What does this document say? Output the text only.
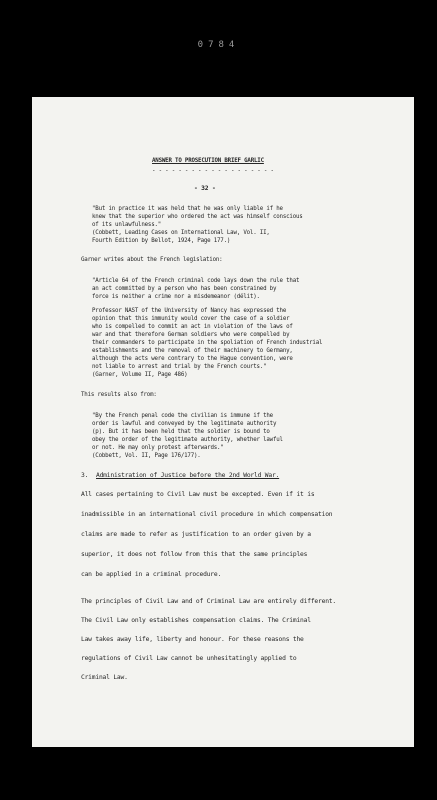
0784
ANSWER TO PROSECUTION BRIEF GARLIC
- - - - - - - - - - - - - - - - - - -
- 32 -
"But in practice it was held that he was only liable if he
knew that the superior who ordered the act was himself conscious
of its unlawfulness."
(Cobbett, Leading Cases on International Law, Vol. II,
Fourth Edition by Bellot, 1924, Page 177.)
Garner writes about the French legislation:
"Article 64 of the French criminal code lays down the rule that
an act committed by a person who has been constrained by
force is neither a crime nor a misdemeanor (délit).
Professor NAST of the University of Nancy has expressed the
opinion that this immunity would cover the case of a soldier
who is compelled to commit an act in violation of the laws of
war and that therefore German soldiers who were compelled by
their commanders to participate in the spoliation of French industrial
establishments and the removal of their machinery to Germany,
although the acts were contrary to the Hague convention, were
not liable to arrest and trial by the French courts."
(Garner, Volume II, Page 486)
This results also from:
"By the French penal code the civilian is immune if the
order is lawful and conveyed by the legitimate authority
(p). But it has been held that the soldier is bound to
obey the order of the legitimate authority, whether lawful
or not. He may only protest afterwards."
(Cobbett, Vol. II, Page 176/177).
3. Administration of Justice before the 2nd World War.
All cases pertaining to Civil Law must be excepted. Even if it is
inadmissible in an international civil procedure in which compensation
claims are made to refer as justification to an order given by a
superior, it does not follow from this that the same principles
can be applied in a criminal procedure.
The principles of Civil Law and of Criminal Law are entirely different.
The Civil Law only establishes compensation claims. The Criminal
Law takes away life, liberty and honour. For these reasons the
regulations of Civil Law cannot be unhesitatingly applied to
Criminal Law.
